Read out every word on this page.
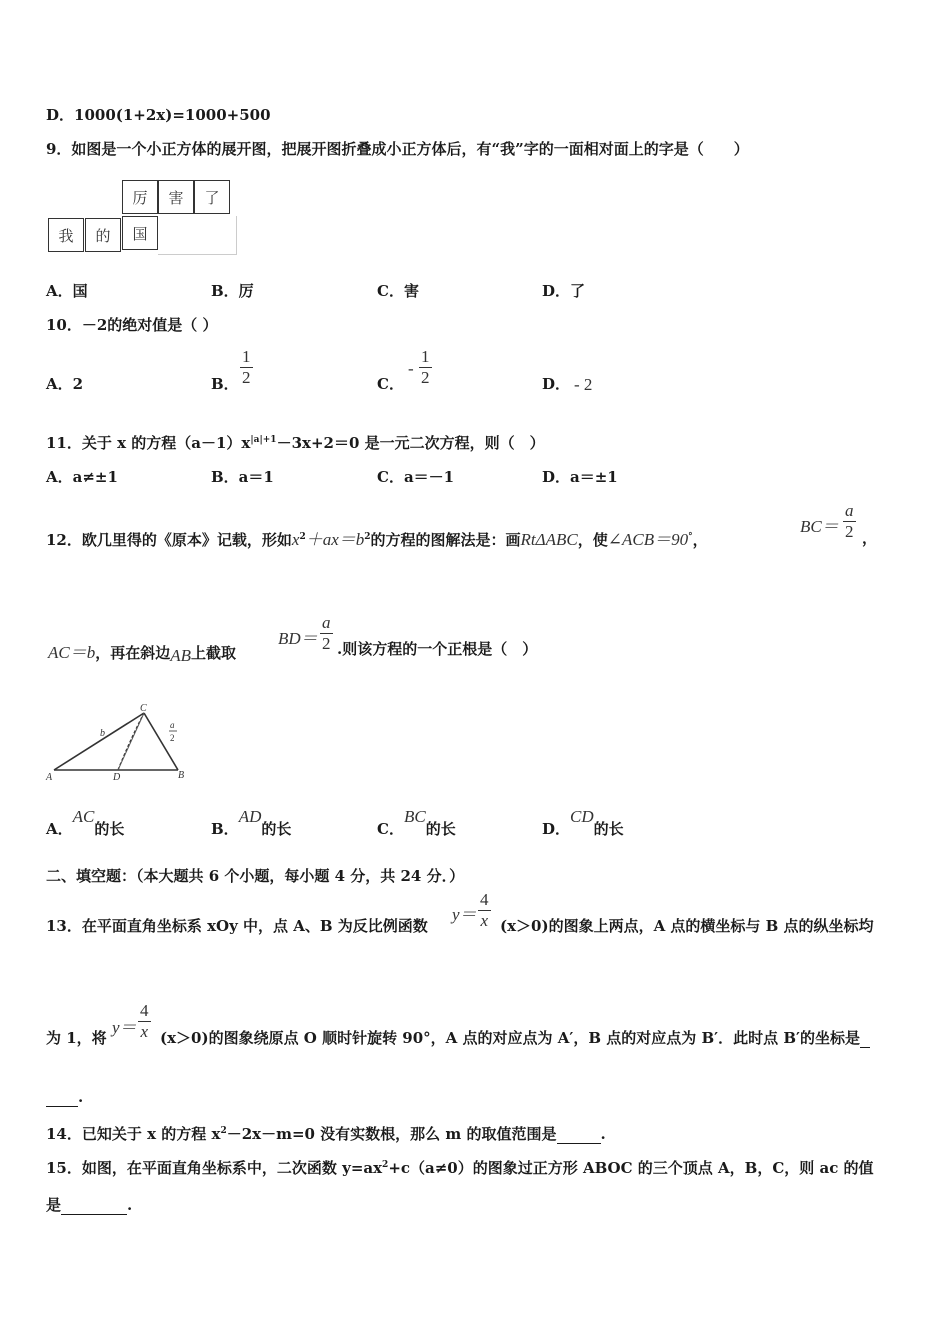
D．1000(1+2x)=1000+500
9．如图是一个小正方体的展开图，把展开图折叠成小正方体后，有“我”字的一面相对面上的字是（　　）
厉	害	了
我	的	国
A．国	B．厉	C．害	D．了
10．－2的绝对值是（ ）
A．2	B．
1
2	C．
-
1
2	D． - 2
11．关于 x 的方程$(a-1)x^{|a|+1}-3x+2=0$ 是一元二次方程，则（　）
A．a≠±1	B．a＝1	C．a＝－1	D．a＝±1
12．欧几里得的《原本》记载，形如$x^2+ax=b^2$的方程的图解法是：画RtΔABC，使∠ACB＝90°，
BC＝
a
2 ，
AC＝b，再在斜边AB上截取
BD＝
a
2 .则该方程的一个正根是（　）
A	B
C
D
b
a
2
A．AC的长	B．AD的长	C．BC的长	D．CD的长
二、填空题：（本大题共 6 个小题，每小题 4 分，共 24 分．）
13．在平面直角坐标系 xOy 中，点 A、B 为反比例函数
y＝
4
x (x＞0)的图象上两点，A 点的横坐标与 B 点的纵坐标均
为 1，将
y＝
4
x (x＞0)的图象绕原点 O 顺时针旋转 90°，A 点的对应点为 A′，B 点的对应点为 B′．此时点 B′的坐标是
.
14．已知关于 x 的方程 $x^2-2x-m=0$ 没有实数根，那么 m 的取值范围是	.
15．如图，在平面直角坐标系中，二次函数 $y=ax^2+c(a\ne 0)$的图象过正方形 ABOC 的三个顶点 A，B，C，则 ac 的值
是	.
